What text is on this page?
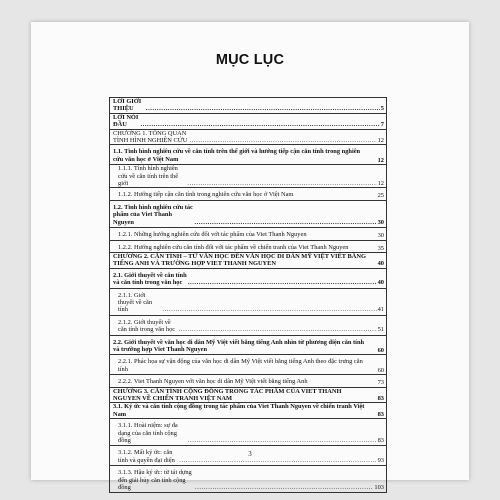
MỤC LỤC
LỜI GIỚI THIỆU .....	5
LỜI NÓI ĐẦU .....	7
CHƯƠNG 1. TỔNG QUAN TÌNH HÌNH NGHIÊN CỨU .....	12
1.1. Tình hình nghiên cứu về căn tính trên thế giới và hướng tiếp cận căn tính trong nghiên cứu văn học ở Việt Nam	12
1.1.1. Tình hình nghiên cứu về căn tính trên thế giới .....	12
1.1.2. Hướng tiếp cận căn tính trong nghiên cứu văn học ở Việt Nam	25
1.2. Tình hình nghiên cứu tác phẩm của Viet Thanh Nguyen .....	30
1.2.1. Những hướng nghiên cứu đối với tác phẩm của Viet Thanh Nguyen	30
1.2.2. Hướng nghiên cứu căn tính đối với tác phẩm về chiến tranh của Viet Thanh Nguyen	35
CHƯƠNG 2. CĂN TÍNH – TỪ VĂN HỌC ĐẾN VĂN HỌC DI DÂN MỸ VIỆT VIẾT BẰNG TIẾNG ANH VÀ TRƯỜNG HỢP VIET THANH NGUYEN	40
2.1. Giới thuyết về căn tính và căn tính trong văn học .....	40
2.1.1. Giới thuyết về căn tính .....	41
2.1.2. Giới thuyết về căn tính trong văn học .....	51
2.2. Giới thuyết về văn học di dân Mỹ Việt viết bằng tiếng Anh nhìn từ phương diện căn tính và trường hợp Viet Thanh Nguyen	60
2.2.1. Phác họa sự vận động của văn học di dân Mỹ Việt viết bằng tiếng Anh theo đặc trưng căn tính	60
2.2.2. Viet Thanh Nguyen với văn học di dân Mỹ Việt viết bằng tiếng Anh	73
CHƯƠNG 3. CĂN TÍNH CỘNG ĐỒNG TRONG TÁC PHẨM CỦA VIET THANH NGUYEN VỀ CHIẾN TRANH VIỆT NAM	83
3.1. Ký ức và căn tính cộng đồng trong tác phẩm của Viet Thanh Nguyen về chiến tranh Việt Nam	83
3.1.1. Hoài niệm: sự đa dạng của căn tính cộng đồng .....	83
3.1.2. Mất ký ức: căn tính và quyền đại diện .....	93
3.1.3. Hậu ký ức: từ tái dựng đến giải hủy căn tính cộng đồng .....	103
3
